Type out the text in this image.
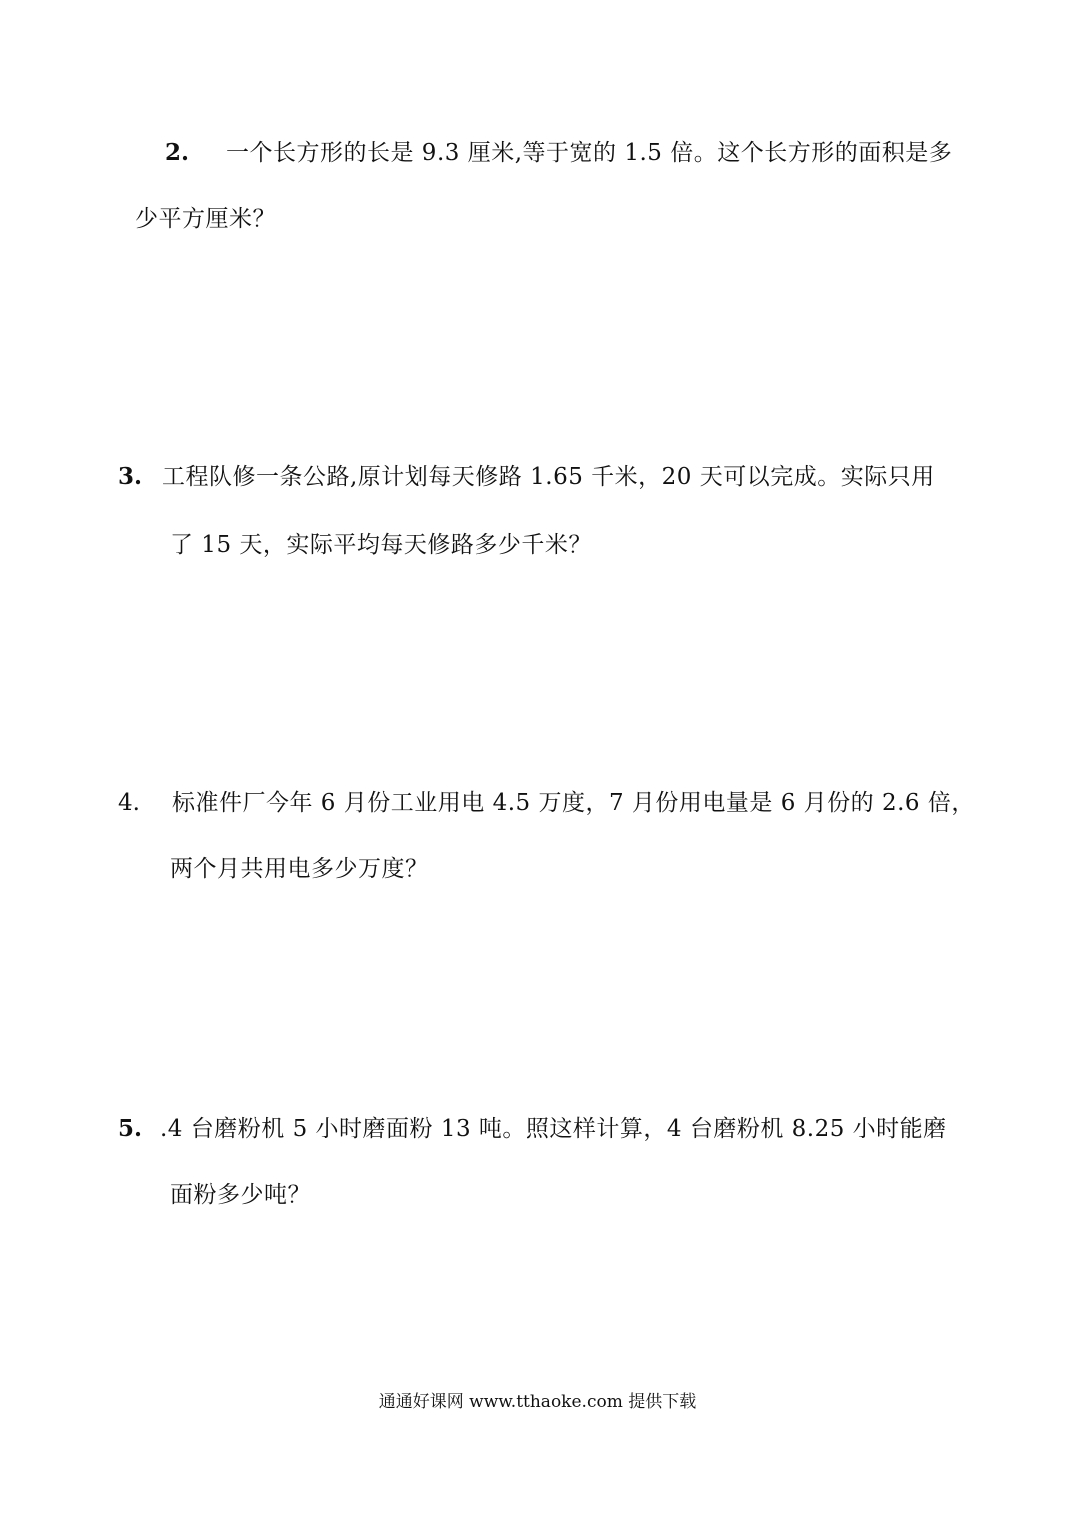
2. 一个长方形的长是 9.3 厘米,等于宽的 1.5 倍。这个长方形的面积是多
少平方厘米？
3. 工程队修一条公路,原计划每天修路 1.65 千米，20 天可以完成。实际只用
了 15 天，实际平均每天修路多少千米？
4. 标准件厂今年 6 月份工业用电 4.5 万度，7 月份用电量是 6 月份的 2.6 倍，
两个月共用电多少万度？
5. .4 台磨粉机 5 小时磨面粉 13 吨。照这样计算，4 台磨粉机 8.25 小时能磨
面粉多少吨？
通通好课网 www.tthaoke.com 提供下载
